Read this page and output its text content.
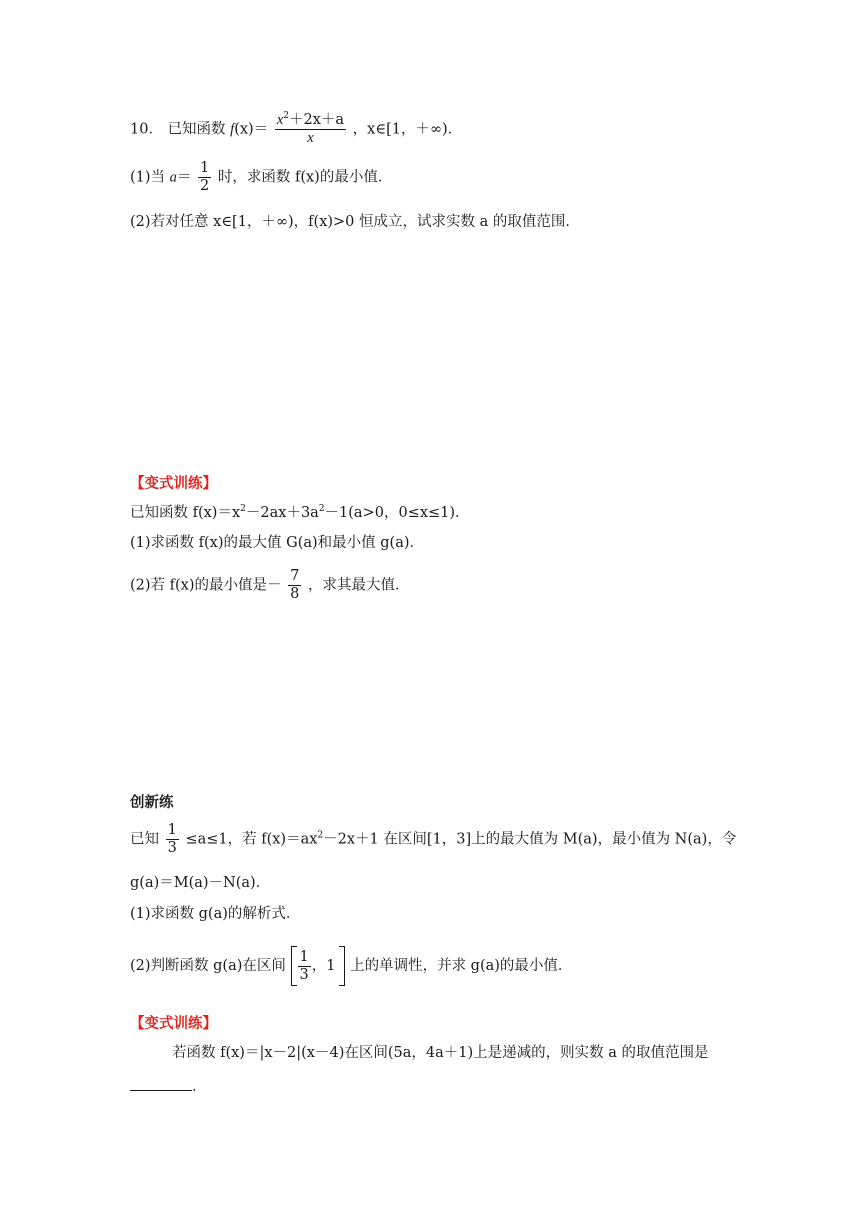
10． 已知函数 $f(x)= \frac{x^2+2x+a}{x}$ ，x∈[1，＋∞)．
(1)当 $a= \frac{1}{2}$ 时，求函数 f(x)的最小值．
(2)若对任意 x∈[1，＋∞)，f(x)>0 恒成立，试求实数 a 的取值范围．
【变式训练】
已知函数 $f(x)=x^2-2ax+3a^2-1(a>0$，0≤x≤1)．
(1)求函数 f(x)的最大值 G(a)和最小值 g(a)．
(2)若 f(x)的最小值是－ $\frac{7}{8}$ ，求其最大值．
创新练
已知 $\frac{1}{3} \le a\le 1$，若 $f(x)=ax^2-2x+1$ 在区间[1，3]上的最大值为 M(a)，最小值为 N(a)，令
g(a)＝M(a)－N(a)．
(1)求函数 g(a)的解析式．
(2)判断函数 g(a)在区间 $\frac{1}{3}$ ，1 上的单调性，并求 g(a)的最小值．
【变式训练】
若函数 f(x)＝|x－2|(x－4)在区间(5a，4a＋1)上是递减的，则实数 a 的取值范围是
．
